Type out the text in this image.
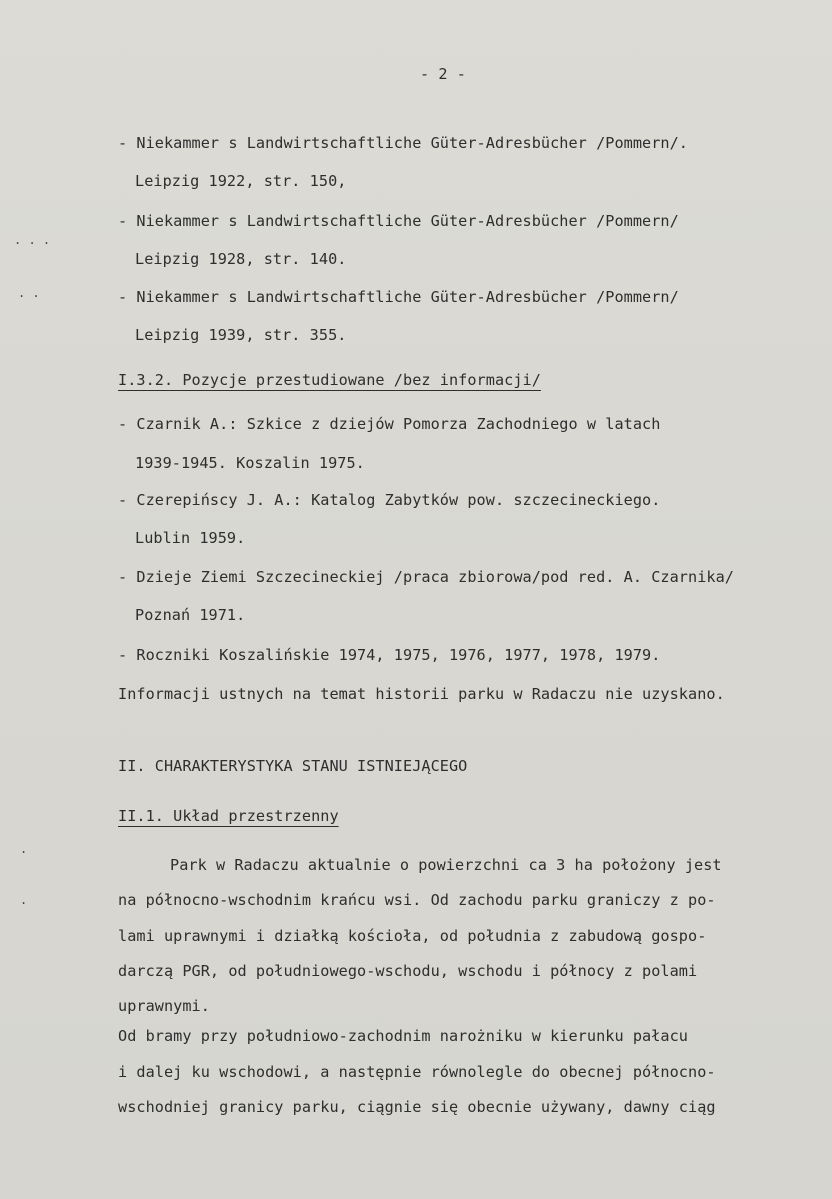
- 2 -
- Niekammer s Landwirtschaftliche Güter-Adresbücher /Pommern/.
Leipzig 1922, str. 150,
- Niekammer s Landwirtschaftliche Güter-Adresbücher /Pommern/
Leipzig 1928, str. 140.
- Niekammer s Landwirtschaftliche Güter-Adresbücher /Pommern/
Leipzig 1939, str. 355.
I.3.2. Pozycje przestudiowane /bez informacji/
- Czarnik A.: Szkice z dziejów Pomorza Zachodniego w latach
1939-1945. Koszalin 1975.
- Czerepińscy J. A.: Katalog Zabytków pow. szczecineckiego.
Lublin 1959.
- Dzieje Ziemi Szczecineckiej /praca zbiorowa/pod red. A. Czarnika/
Poznań 1971.
- Roczniki Koszalińskie 1974, 1975, 1976, 1977, 1978, 1979.
Informacji ustnych na temat historii parku w Radaczu nie uzyskano.
II. CHARAKTERYSTYKA STANU ISTNIEJĄCEGO
II.1. Układ przestrzenny
Park w Radaczu aktualnie o powierzchni ca 3 ha położony jest
na północno-wschodnim krańcu wsi. Od zachodu parku graniczy z po-
lami uprawnymi i działką kościoła, od południa z zabudową gospo-
darczą PGR, od południowego-wschodu, wschodu i północy z polami
uprawnymi.
Od bramy przy południowo-zachodnim narożniku w kierunku pałacu
i dalej ku wschodowi, a następnie równolegle do obecnej północno-
wschodniej granicy parku, ciągnie się obecnie używany, dawny ciąg
. . .
. .
.
.
